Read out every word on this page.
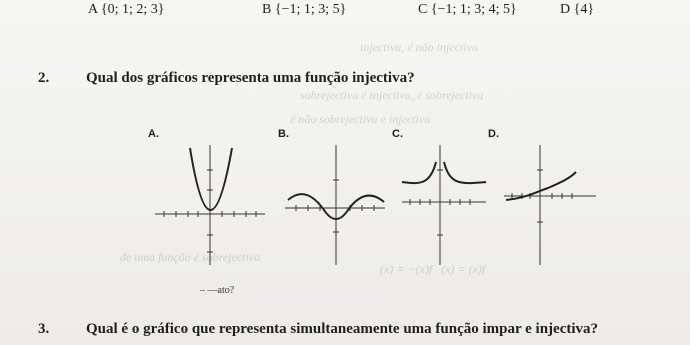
injectiva, é não injectiva
sobrejectiva é injectiva, é sobrejectiva
é não sobrejectiva e injectiva
de uma função é sobrejectiva
(x) = −(x)f   (x) = (x)f
A {0; 1; 2; 3}	B {−1; 1; 3; 5}	C {−1; 1; 3; 4; 5}	D {4}
2. Qual dos gráficos representa uma função injectiva?
A.	B.	C.	D.
– ––ato?
3. Qual é o gráfico que representa simultaneamente uma função impar e injectiva?
